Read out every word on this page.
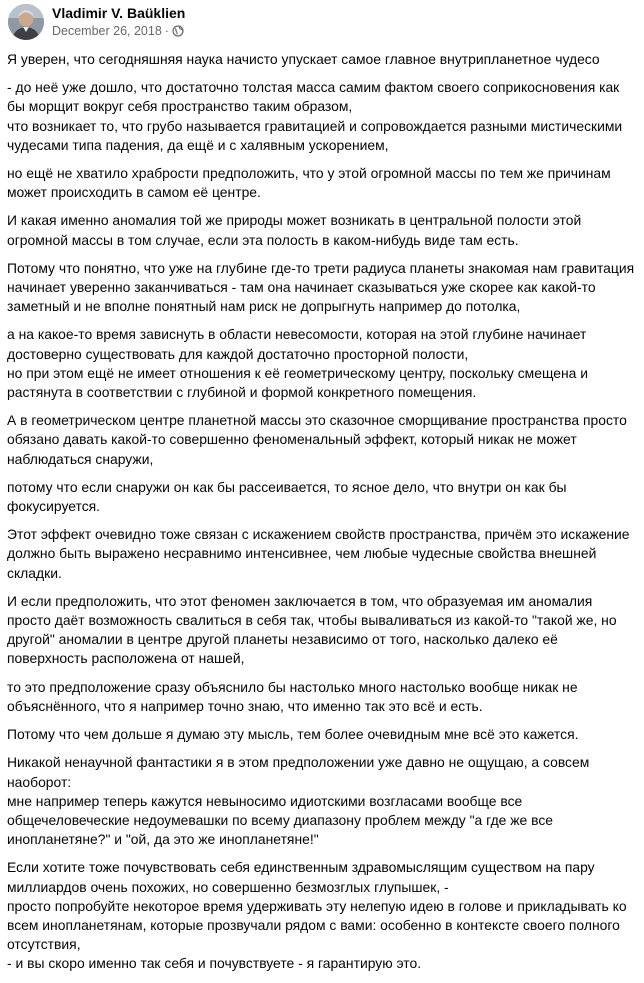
Vladimir V. Baüklien
December 26, 2018 ·

Я уверен, что сегодняшняя наука начисто упускает самое главное внутрипланетное чудесо

- до неё уже дошло, что достаточно толстая масса самим фактом своего соприкосновения как бы морщит вокруг себя пространство таким образом,
что возникает то, что грубо называется гравитацией и сопровождается разными мистическими чудесами типа падения, да ещё и с халявным ускорением,

но ещё не хватило храбрости предположить, что у этой огромной массы по тем же причинам может происходить в самом её центре.

И какая именно аномалия той же природы может возникать в центральной полости этой огромной массы в том случае, если эта полость в каком-нибудь виде там есть.

Потому что понятно, что уже на глубине где-то трети радиуса планеты знакомая нам гравитация начинает уверенно заканчиваться - там она начинает сказываться уже скорее как какой-то заметный и не вполне понятный нам риск не допрыгнуть например до потолка,

а на какое-то время зависнуть в области невесомости, которая на этой глубине начинает достоверно существовать для каждой достаточно просторной полости,
но при этом ещё не имеет отношения к её геометрическому центру, поскольку смещена и растянута в соответствии с глубиной и формой конкретного помещения.

А в геометрическом центре планетной массы это сказочное сморщивание пространства просто обязано давать какой-то совершенно феноменальный эффект, который никак не может наблюдаться снаружи,

потому что если снаружи он как бы рассеивается, то ясное дело, что внутри он как бы фокусируется.

Этот эффект очевидно тоже связан с искажением свойств пространства, причём это искажение должно быть выражено несравнимо интенсивнее, чем любые чудесные свойства внешней складки.

И если предположить, что этот феномен заключается в том, что образуемая им аномалия просто даёт возможность свалиться в себя так, чтобы вываливаться из какой-то "такой же, но другой" аномалии в центре другой планеты независимо от того, насколько далеко её поверхность расположена от нашей,

то это предположение сразу объяснило бы настолько много настолько вообще никак не объяснённого, что я например точно знаю, что именно так это всё и есть.

Потому что чем дольше я думаю эту мысль, тем более очевидным мне всё это кажется.

Никакой ненаучной фантастики я в этом предположении уже давно не ощущаю, а совсем наоборот:
мне например теперь кажутся невыносимо идиотскими возгласами вообще все общечеловеческие недоумевашки по всему диапазону проблем между "а где же все инопланетяне?" и "ой, да это же инопланетяне!"

Если хотите тоже почувствовать себя единственным здравомыслящим существом на пару миллиардов очень похожих, но совершенно безмозглых глупышек, -
просто попробуйте некоторое время удерживать эту нелепую идею в голове и прикладывать ко всем инопланетянам, которые прозвучали рядом с вами: особенно в контексте своего полного отсутствия,
- и вы скоро именно так себя и почувствуете - я гарантирую это.
